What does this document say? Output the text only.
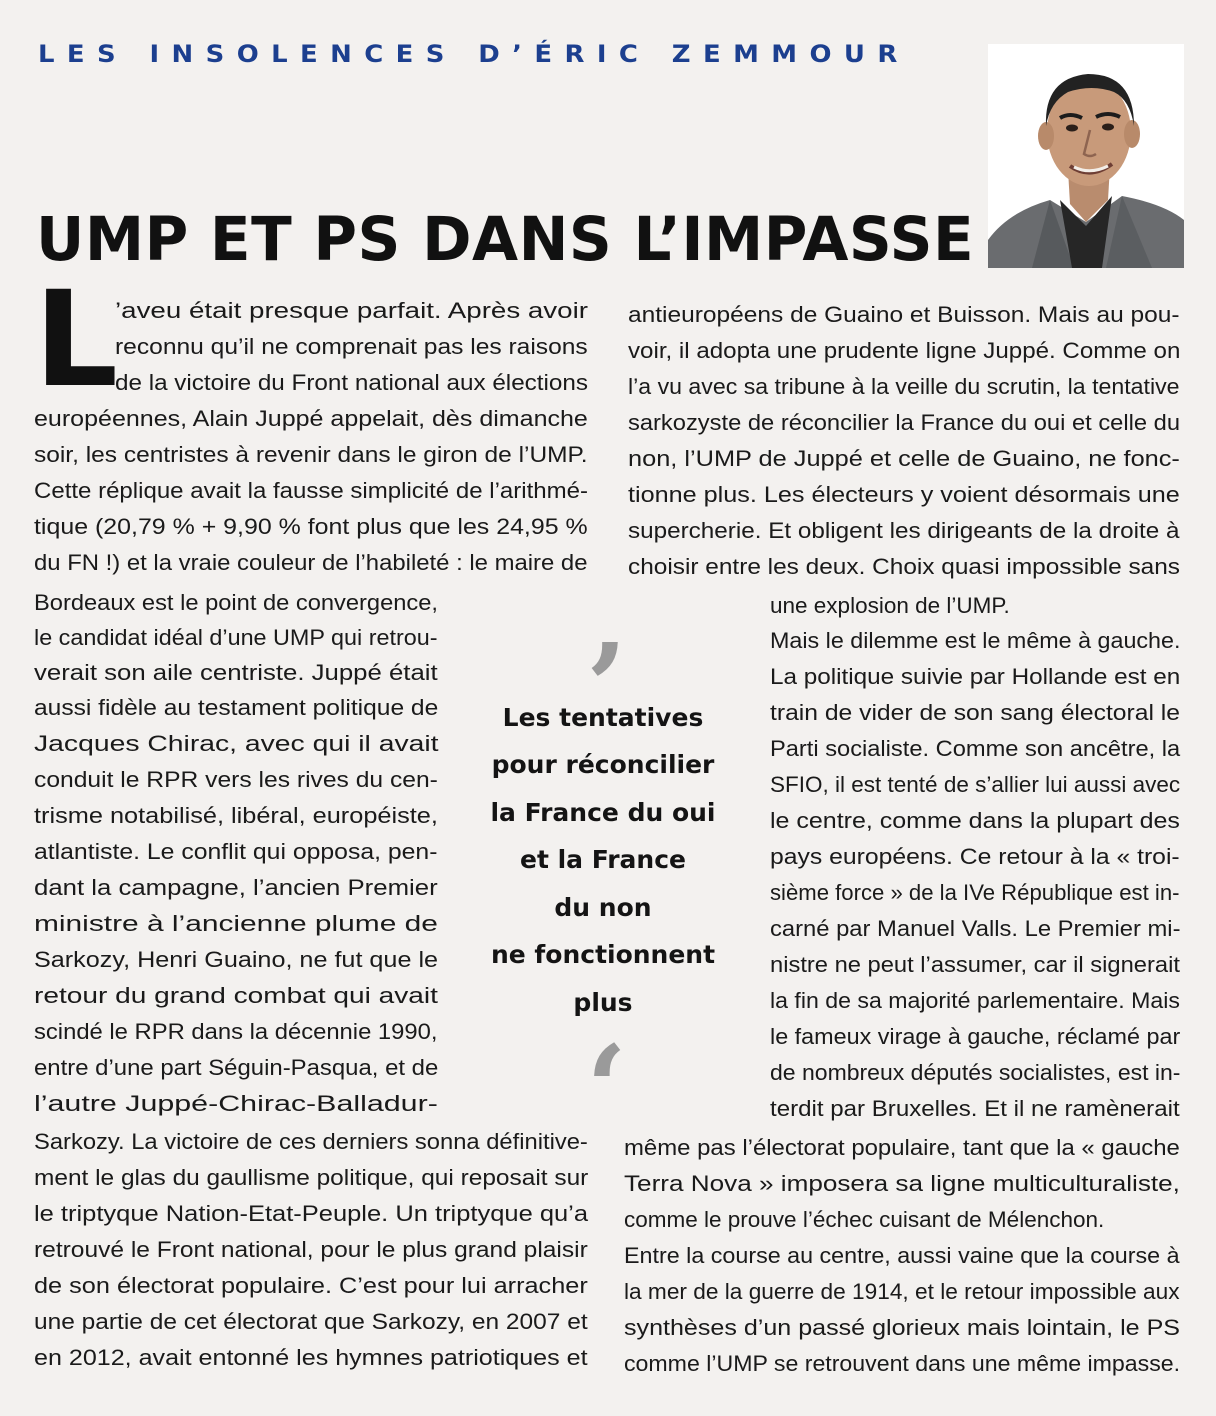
LES INSOLENCES D’ÉRIC ZEMMOUR
UMP ET PS DANS L’IMPASSE
L
’aveu était presque parfait. Après avoir
reconnu qu’il ne comprenait pas les raisons
de la victoire du Front national aux élections
européennes, Alain Juppé appelait, dès dimanche
soir, les centristes à revenir dans le giron de l’UMP.
Cette réplique avait la fausse simplicité de l’arithmé-
tique (20,79 % + 9,90 % font plus que les 24,95 %
du FN !) et la vraie couleur de l’habileté : le maire de
Bordeaux est le point de convergence,
le candidat idéal d’une UMP qui retrou-
verait son aile centriste. Juppé était
aussi fidèle au testament politique de
Jacques Chirac, avec qui il avait
conduit le RPR vers les rives du cen-
trisme notabilisé, libéral, européiste,
atlantiste. Le conflit qui opposa, pen-
dant la campagne, l’ancien Premier
ministre à l’ancienne plume de
Sarkozy, Henri Guaino, ne fut que le
retour du grand combat qui avait
scindé le RPR dans la décennie 1990,
entre d’une part Séguin-Pasqua, et de
l’autre Juppé-Chirac-Balladur-
Sarkozy. La victoire de ces derniers sonna définitive-
ment le glas du gaullisme politique, qui reposait sur
le triptyque Nation-Etat-Peuple. Un triptyque qu’a
retrouvé le Front national, pour le plus grand plaisir
de son électorat populaire. C’est pour lui arracher
une partie de cet électorat que Sarkozy, en 2007 et
en 2012, avait entonné les hymnes patriotiques et
antieuropéens de Guaino et Buisson. Mais au pou-
voir, il adopta une prudente ligne Juppé. Comme on
l’a vu avec sa tribune à la veille du scrutin, la tentative
sarkozyste de réconcilier la France du oui et celle du
non, l’UMP de Juppé et celle de Guaino, ne fonc-
tionne plus. Les électeurs y voient désormais une
supercherie. Et obligent les dirigeants de la droite à
choisir entre les deux. Choix quasi impossible sans
une explosion de l’UMP.
Mais le dilemme est le même à gauche.
La politique suivie par Hollande est en
train de vider de son sang électoral le
Parti socialiste. Comme son ancêtre, la
SFIO, il est tenté de s’allier lui aussi avec
le centre, comme dans la plupart des
pays européens. Ce retour à la « troi-
sième force » de la IVe République est in-
carné par Manuel Valls. Le Premier mi-
nistre ne peut l’assumer, car il signerait
la fin de sa majorité parlementaire. Mais
le fameux virage à gauche, réclamé par
de nombreux députés socialistes, est in-
terdit par Bruxelles. Et il ne ramènerait
même pas l’électorat populaire, tant que la « gauche
Terra Nova » imposera sa ligne multiculturaliste,
comme le prouve l’échec cuisant de Mélenchon.
Entre la course au centre, aussi vaine que la course à
la mer de la guerre de 1914, et le retour impossible aux
synthèses d’un passé glorieux mais lointain, le PS
comme l’UMP se retrouvent dans une même impasse.
’
Les tentatives
pour réconcilier
la France du oui
et la France
du non
ne fonctionnent
plus
‘
